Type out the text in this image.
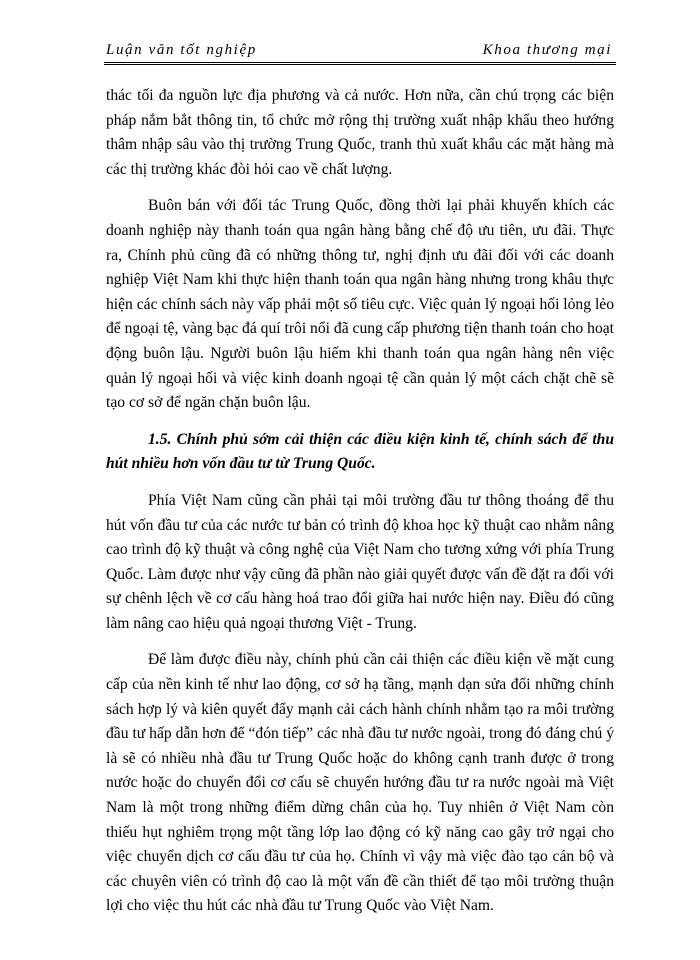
Luận văn tốt nghiệp	Khoa thương mại

thác tối đa nguồn lực địa phương và cả nước. Hơn nữa, cần chú trọng các biện pháp nắm bắt thông tin, tổ chức mở rộng thị trường xuất nhập khẩu theo hướng thâm nhập sâu vào thị trường Trung Quốc, tranh thủ xuất khẩu các mặt hàng mà các thị trường khác đòi hỏi cao về chất lượng.

Buôn bán với đối tác Trung Quốc, đồng thời lại phải khuyến khích các doanh nghiệp này thanh toán qua ngân hàng bằng chế độ ưu tiên, ưu đãi. Thực ra, Chính phủ cũng đã có những thông tư, nghị định ưu đãi đối với các doanh nghiệp Việt Nam khi thực hiện thanh toán qua ngân hàng nhưng trong khâu thực hiện các chính sách này vấp phải một số tiêu cực. Việc quản lý ngoại hối lỏng lẻo để ngoại tệ, vàng bạc đá quí trôi nổi đã cung cấp phương tiện thanh toán cho hoạt động buôn lậu. Người buôn lậu hiếm khi thanh toán qua ngân hàng nên việc quản lý ngoại hối và việc kinh doanh ngoại tệ cần quản lý một cách chặt chẽ sẽ tạo cơ sở để ngăn chặn buôn lậu.

1.5. Chính phủ sớm cải thiện các điều kiện kinh tế, chính sách để thu hút nhiều hơn vốn đầu tư từ Trung Quốc.

Phía Việt Nam cũng cần phải tại môi trường đầu tư thông thoáng để thu hút vốn đầu tư của các nước tư bản có trình độ khoa học kỹ thuật cao nhằm nâng cao trình độ kỹ thuật và công nghệ của Việt Nam cho tương xứng với phía Trung Quốc. Làm được như vậy cũng đã phần nào giải quyết được vấn đề đặt ra đối với sự chênh lệch về cơ cấu hàng hoá trao đổi giữa hai nước hiện nay. Điều đó cũng làm nâng cao hiệu quả ngoại thương Việt - Trung.

Để làm được điều này, chính phủ cần cải thiện các điều kiện về mặt cung cấp của nền kinh tế như lao động, cơ sở hạ tầng, mạnh dạn sửa đổi những chính sách hợp lý và kiên quyết đẩy mạnh cải cách hành chính nhằm tạo ra môi trường đầu tư hấp dẫn hơn để “đón tiếp” các nhà đầu tư nước ngoài, trong đó đáng chú ý là sẽ có nhiều nhà đầu tư Trung Quốc hoặc do không cạnh tranh được ở trong nước hoặc do chuyển đổi cơ cấu sẽ chuyển hướng đầu tư ra nước ngoài mà Việt Nam là một trong những điểm dừng chân của họ. Tuy nhiên ở Việt Nam còn thiếu hụt nghiêm trọng một tầng lớp lao động có kỹ năng cao gây trở ngại cho việc chuyển dịch cơ cấu đầu tư của họ. Chính vì vậy mà việc đào tạo cán bộ và các chuyên viên có trình độ cao là một vấn đề cần thiết để tạo môi trường thuận lợi cho việc thu hút các nhà đầu tư Trung Quốc vào Việt Nam.
